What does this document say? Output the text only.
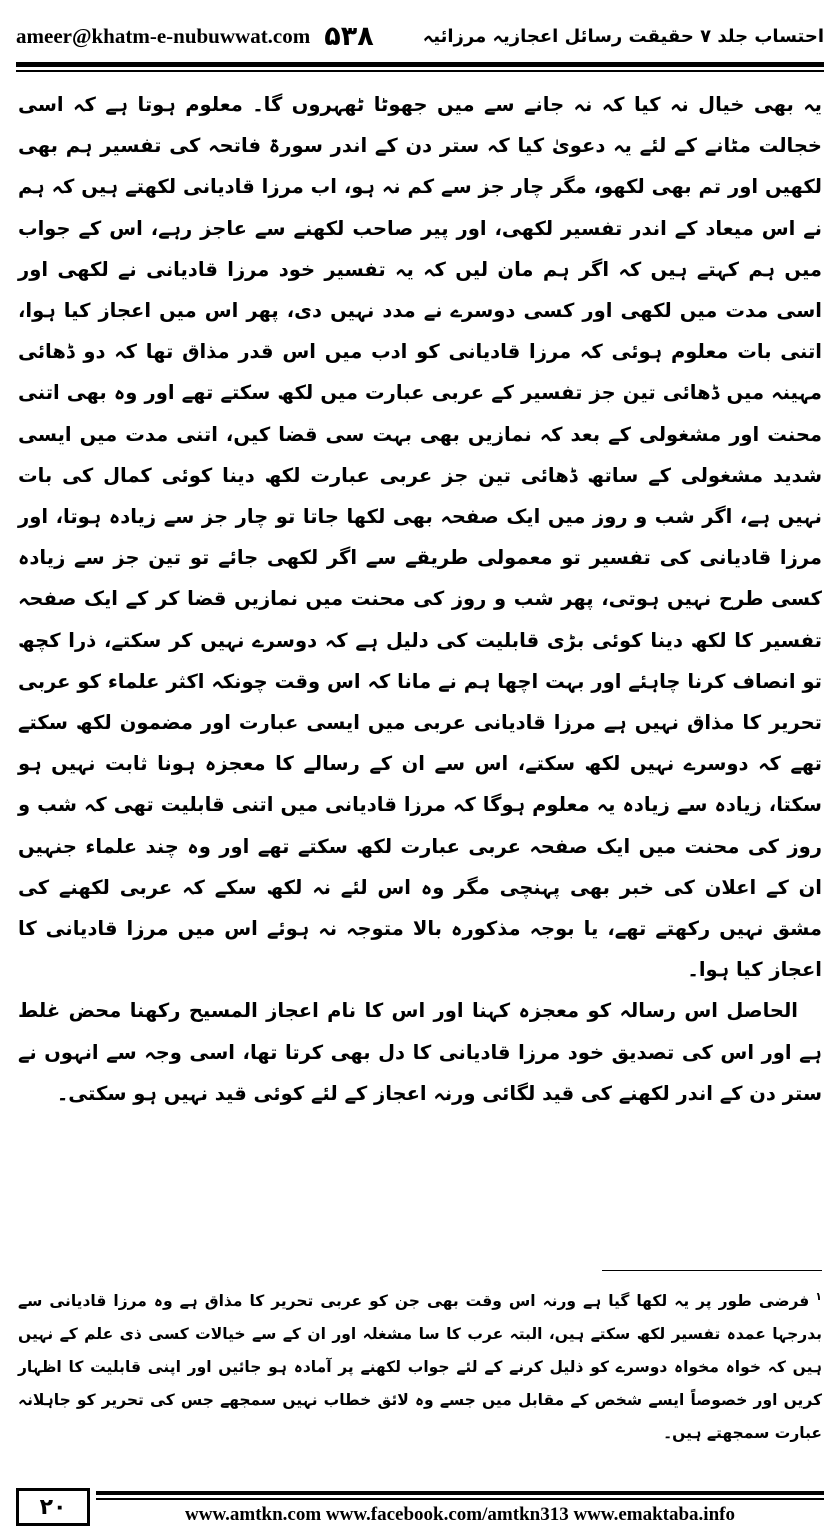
ameer@khatm-e-nubuwwat.com ۵۳۸	احتساب جلد ۷ حقیقت رسائل اعجازیہ مرزائیہ

یہ بھی خیال نہ کیا کہ نہ جانے سے میں جھوٹا ٹھہروں گا۔ معلوم ہوتا ہے کہ اسی خجالت مٹانے کے لئے یہ دعویٰ کیا کہ ستر دن کے اندر سورۃ فاتحہ کی تفسیر ہم بھی لکھیں اور تم بھی لکھو، مگر چار جز سے کم نہ ہو، اب مرزا قادیانی لکھتے ہیں کہ ہم نے اس میعاد کے اندر تفسیر لکھی، اور پیر صاحب لکھنے سے عاجز رہے، اس کے جواب میں ہم کہتے ہیں کہ اگر ہم مان لیں کہ یہ تفسیر خود مرزا قادیانی نے لکھی اور اسی مدت میں لکھی اور کسی دوسرے نے مدد نہیں دی، پھر اس میں اعجاز کیا ہوا، اتنی بات معلوم ہوئی کہ مرزا قادیانی کو ادب میں اس قدر مذاق تھا کہ دو ڈھائی مہینہ میں ڈھائی تین جز تفسیر کے عربی عبارت میں لکھ سکتے تھے اور وہ بھی اتنی محنت اور مشغولی کے بعد کہ نمازیں بھی بہت سی قضا کیں، اتنی مدت میں ایسی شدید مشغولی کے ساتھ ڈھائی تین جز عربی عبارت لکھ دینا کوئی کمال کی بات نہیں ہے، اگر شب و روز میں ایک صفحہ بھی لکھا جاتا تو چار جز سے زیادہ ہوتا، اور مرزا قادیانی کی تفسیر تو معمولی طریقے سے اگر لکھی جائے تو تین جز سے زیادہ کسی طرح نہیں ہوتی، پھر شب و روز کی محنت میں نمازیں قضا کر کے ایک صفحہ تفسیر کا لکھ دینا کوئی بڑی قابلیت کی دلیل ہے کہ دوسرے نہیں کر سکتے، ذرا کچھ تو انصاف کرنا چاہئے اور بہت اچھا ہم نے مانا کہ اس وقت چونکہ اکثر علماء کو عربی تحریر کا مذاق نہیں ہے مرزا قادیانی عربی میں ایسی عبارت اور مضمون لکھ سکتے تھے کہ دوسرے نہیں لکھ سکتے، اس سے ان کے رسالے کا معجزہ ہونا ثابت نہیں ہو سکتا، زیادہ سے زیادہ یہ معلوم ہوگا کہ مرزا قادیانی میں اتنی قابلیت تھی کہ شب و روز کی محنت میں ایک صفحہ عربی عبارت لکھ سکتے تھے اور وہ چند علماء جنہیں ان کے اعلان کی خبر بھی پہنچی مگر وہ اس لئے نہ لکھ سکے کہ عربی لکھنے کی مشق نہیں رکھتے تھے، یا بوجہ مذکورہ بالا متوجہ نہ ہوئے اس میں مرزا قادیانی کا اعجاز کیا ہوا۔

الحاصل اس رسالہ کو معجزہ کہنا اور اس کا نام اعجاز المسیح رکھنا محض غلط ہے اور اس کی تصدیق خود مرزا قادیانی کا دل بھی کرتا تھا، اسی وجہ سے انہوں نے ستر دن کے اندر لکھنے کی قید لگائی ورنہ اعجاز کے لئے کوئی قید نہیں ہو سکتی۔

$^۱$فرضی طور پر یہ لکھا گیا ہے ورنہ اس وقت بھی جن کو عربی تحریر کا مذاق ہے وہ مرزا قادیانی سے بدرجہا عمدہ تفسیر لکھ سکتے ہیں، البتہ عرب کا سا مشغلہ اور ان کے سے خیالات کسی ذی علم کے نہیں ہیں کہ خواہ مخواہ دوسرے کو ذلیل کرنے کے لئے جواب لکھنے پر آمادہ ہو جائیں اور اپنی قابلیت کا اظہار کریں اور خصوصاً ایسے شخص کے مقابل میں جسے وہ لائق خطاب نہیں سمجھے جس کی تحریر کو جاہلانہ عبارت سمجھتے ہیں۔
۲۰	www.amtkn.com www.facebook.com/amtkn313 www.emaktaba.info
